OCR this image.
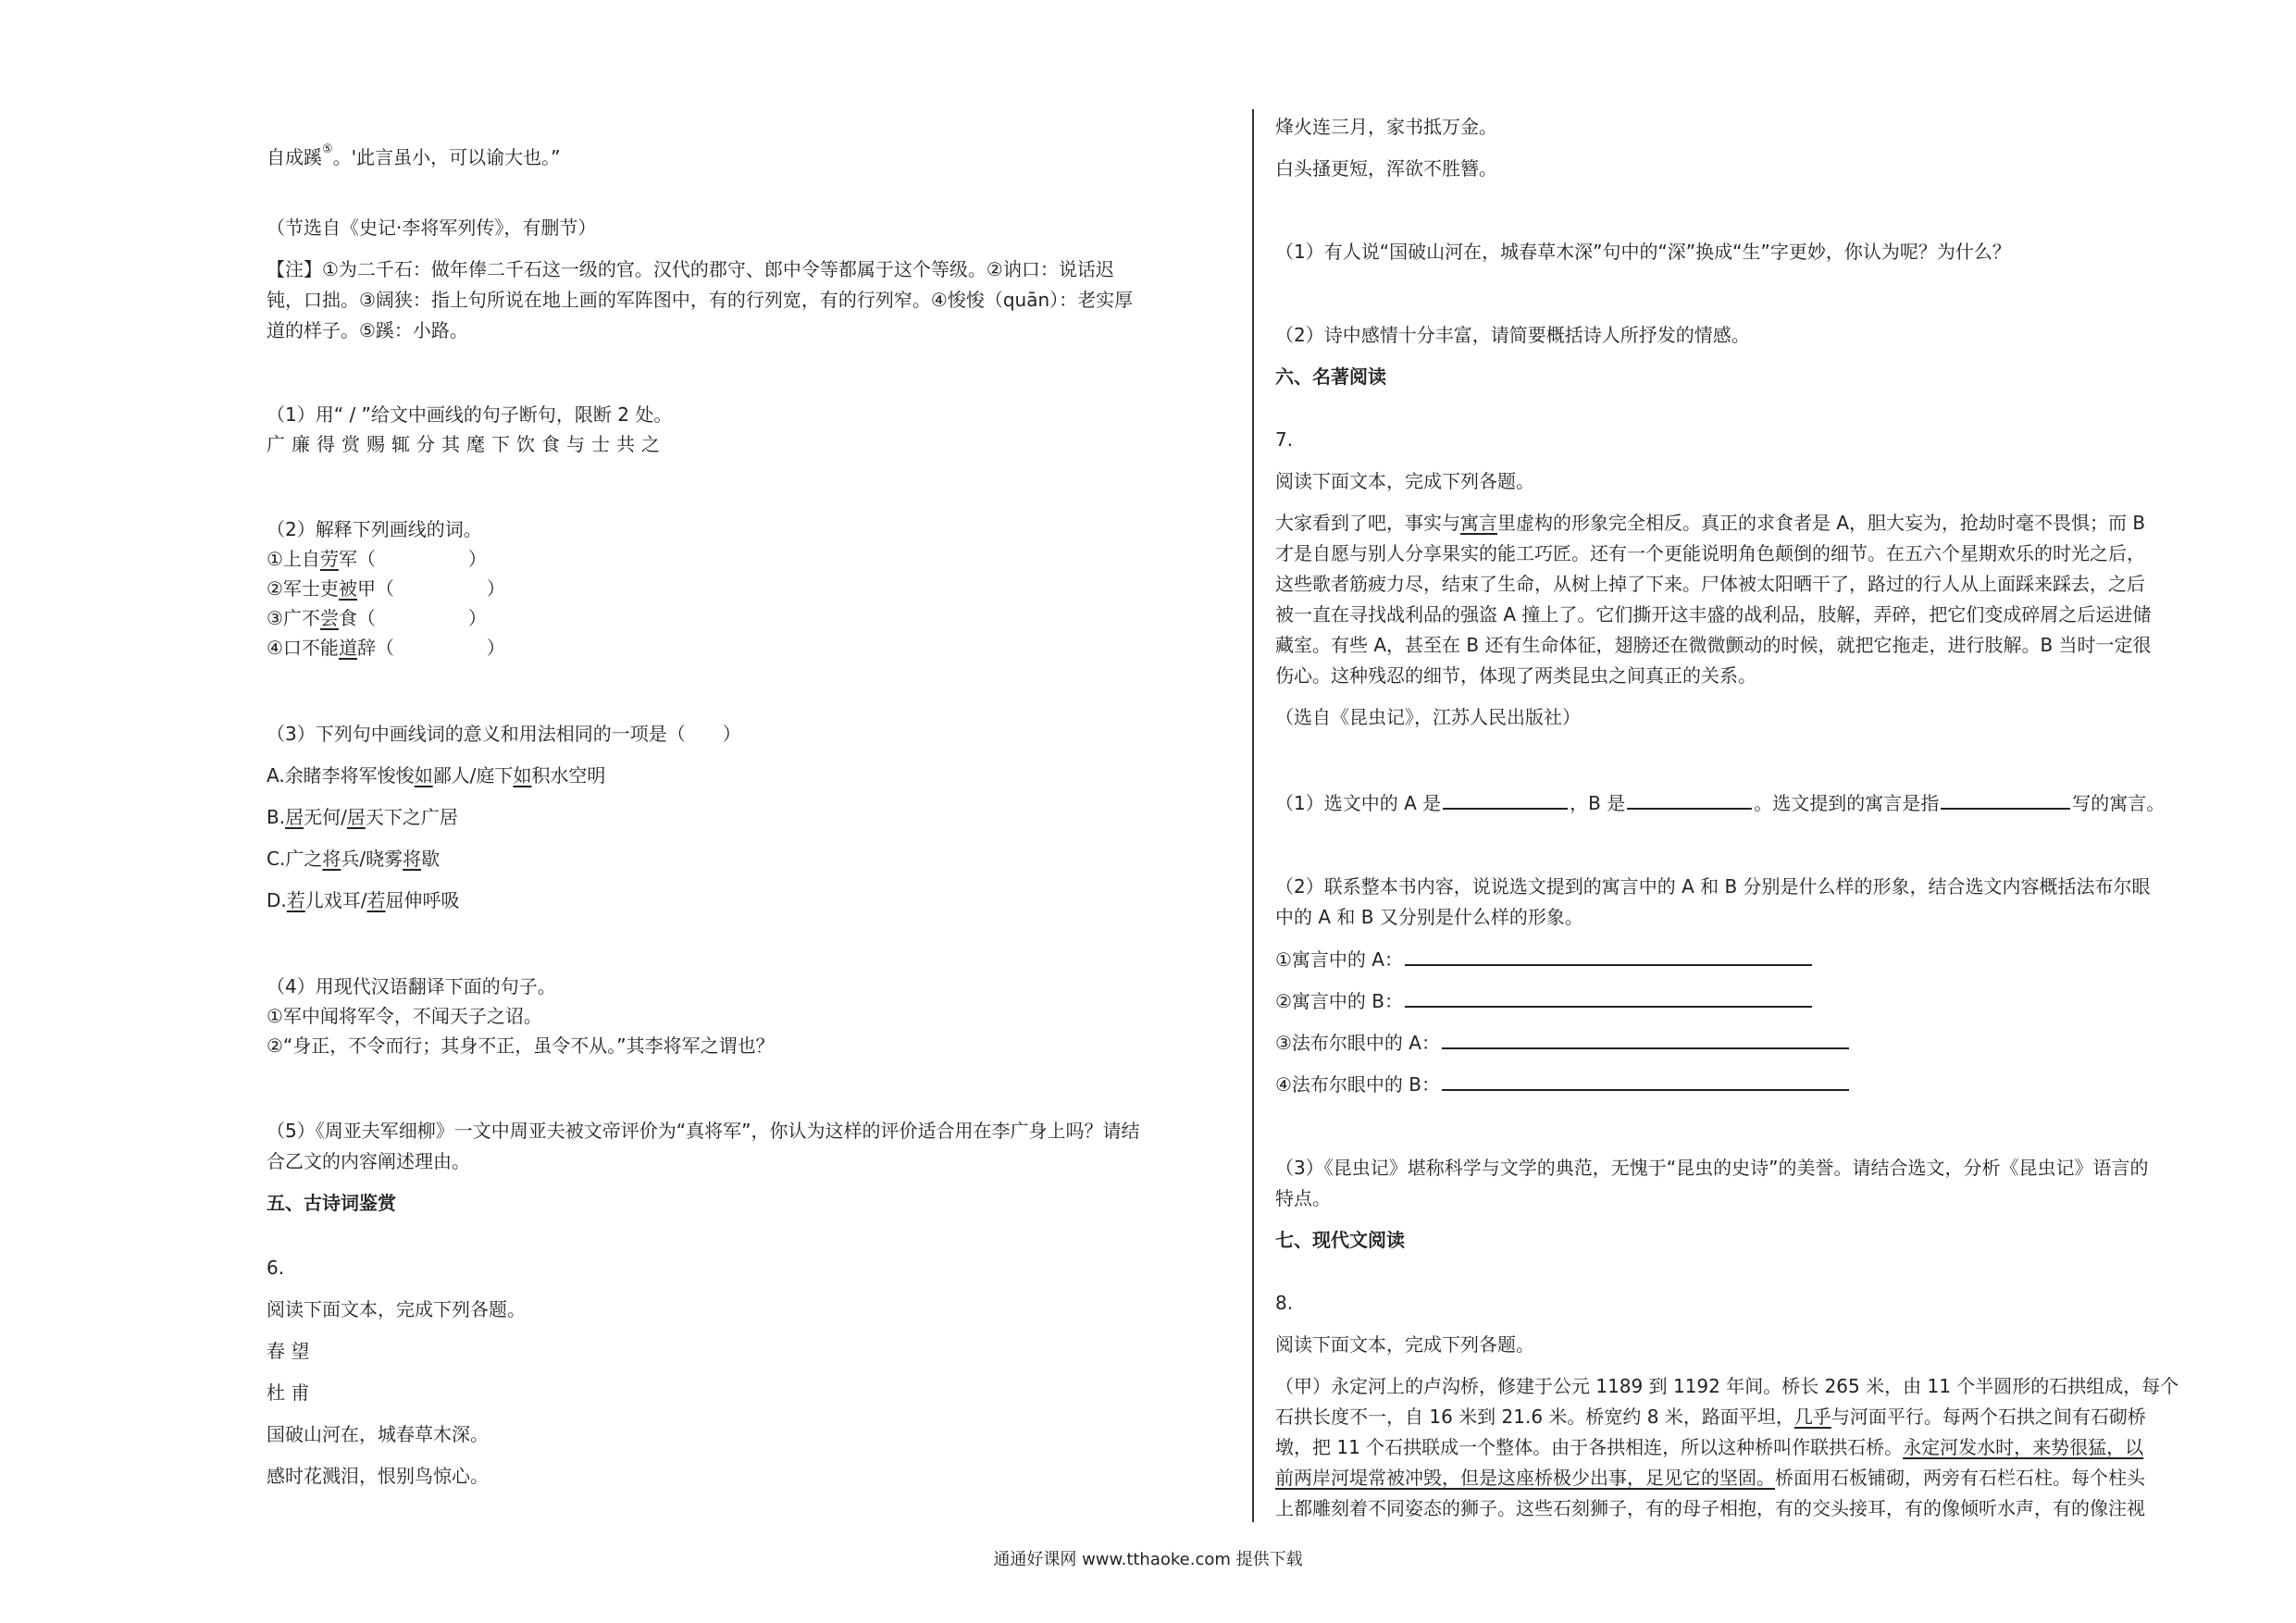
自成蹊⑤。'此言虽小，可以谕大也。”
（节选自《史记·李将军列传》，有删节）
【注】①为二千石：做年俸二千石这一级的官。汉代的郡守、郎中令等都属于这个等级。②讷口：说话迟
钝，口拙。③阔狭：指上句所说在地上画的军阵图中，有的行列宽，有的行列窄。④悛悛（quān）：老实厚
道的样子。⑤蹊：小路。
（1）用“ / ”给文中画线的句子断句，限断 2 处。
广廉得赏赐辄分其麾下饮食与士共之
（2）解释下列画线的词。
①上自劳军（　　　　　）
②军士吏被甲（　　　　　）
③广不尝食（　　　　　）
④口不能道辞（　　　　　）
（3）下列句中画线词的意义和用法相同的一项是（　　）
A.余睹李将军悛悛如鄙人/庭下如积水空明
B.居无何/居天下之广居
C.广之将兵/晓雾将歇
D.若儿戏耳/若屈伸呼吸
（4）用现代汉语翻译下面的句子。
①军中闻将军令，不闻天子之诏。
②“身正，不令而行；其身不正，虽令不从。”其李将军之谓也？
（5）《周亚夫军细柳》一文中周亚夫被文帝评价为“真将军”，你认为这样的评价适合用在李广身上吗？请结
合乙文的内容阐述理由。
五、古诗词鉴赏
6.
阅读下面文本，完成下列各题。
春 望
杜 甫
国破山河在，城春草木深。
感时花溅泪，恨别鸟惊心。
烽火连三月，家书抵万金。
白头搔更短，浑欲不胜簪。
（1）有人说“国破山河在，城春草木深”句中的“深”换成“生”字更妙，你认为呢？为什么？
（2）诗中感情十分丰富，请简要概括诗人所抒发的情感。
六、名著阅读
7.
阅读下面文本，完成下列各题。
大家看到了吧，事实与寓言里虚构的形象完全相反。真正的求食者是 A，胆大妄为，抢劫时毫不畏惧；而 B
才是自愿与别人分享果实的能工巧匠。还有一个更能说明角色颠倒的细节。在五六个星期欢乐的时光之后，
这些歌者筋疲力尽，结束了生命，从树上掉了下来。尸体被太阳晒干了，路过的行人从上面踩来踩去，之后
被一直在寻找战利品的强盗 A 撞上了。它们撕开这丰盛的战利品，肢解，弄碎，把它们变成碎屑之后运进储
藏室。有些 A，甚至在 B 还有生命体征，翅膀还在微微颤动的时候，就把它拖走，进行肢解。B 当时一定很
伤心。这种残忍的细节，体现了两类昆虫之间真正的关系。
（选自《昆虫记》，江苏人民出版社）
（1）选文中的 A 是	，B 是	。选文提到的寓言是指	写的寓言。
（2）联系整本书内容，说说选文提到的寓言中的 A 和 B 分别是什么样的形象，结合选文内容概括法布尔眼
中的 A 和 B 又分别是什么样的形象。
①寓言中的 A：
②寓言中的 B：
③法布尔眼中的 A：
④法布尔眼中的 B：
（3）《昆虫记》堪称科学与文学的典范，无愧于“昆虫的史诗”的美誉。请结合选文，分析《昆虫记》语言的
特点。
七、现代文阅读
8.
阅读下面文本，完成下列各题。
（甲）永定河上的卢沟桥，修建于公元 1189 到 1192 年间。桥长 265 米，由 11 个半圆形的石拱组成，每个
石拱长度不一，自 16 米到 21.6 米。桥宽约 8 米，路面平坦，几乎与河面平行。每两个石拱之间有石砌桥
墩，把 11 个石拱联成一个整体。由于各拱相连，所以这种桥叫作联拱石桥。永定河发水时，来势很猛，以
前两岸河堤常被冲毁，但是这座桥极少出事，足见它的坚固。桥面用石板铺砌，两旁有石栏石柱。每个柱头
上都雕刻着不同姿态的狮子。这些石刻狮子，有的母子相抱，有的交头接耳，有的像倾听水声，有的像注视
通通好课网 www.tthaoke.com 提供下载
